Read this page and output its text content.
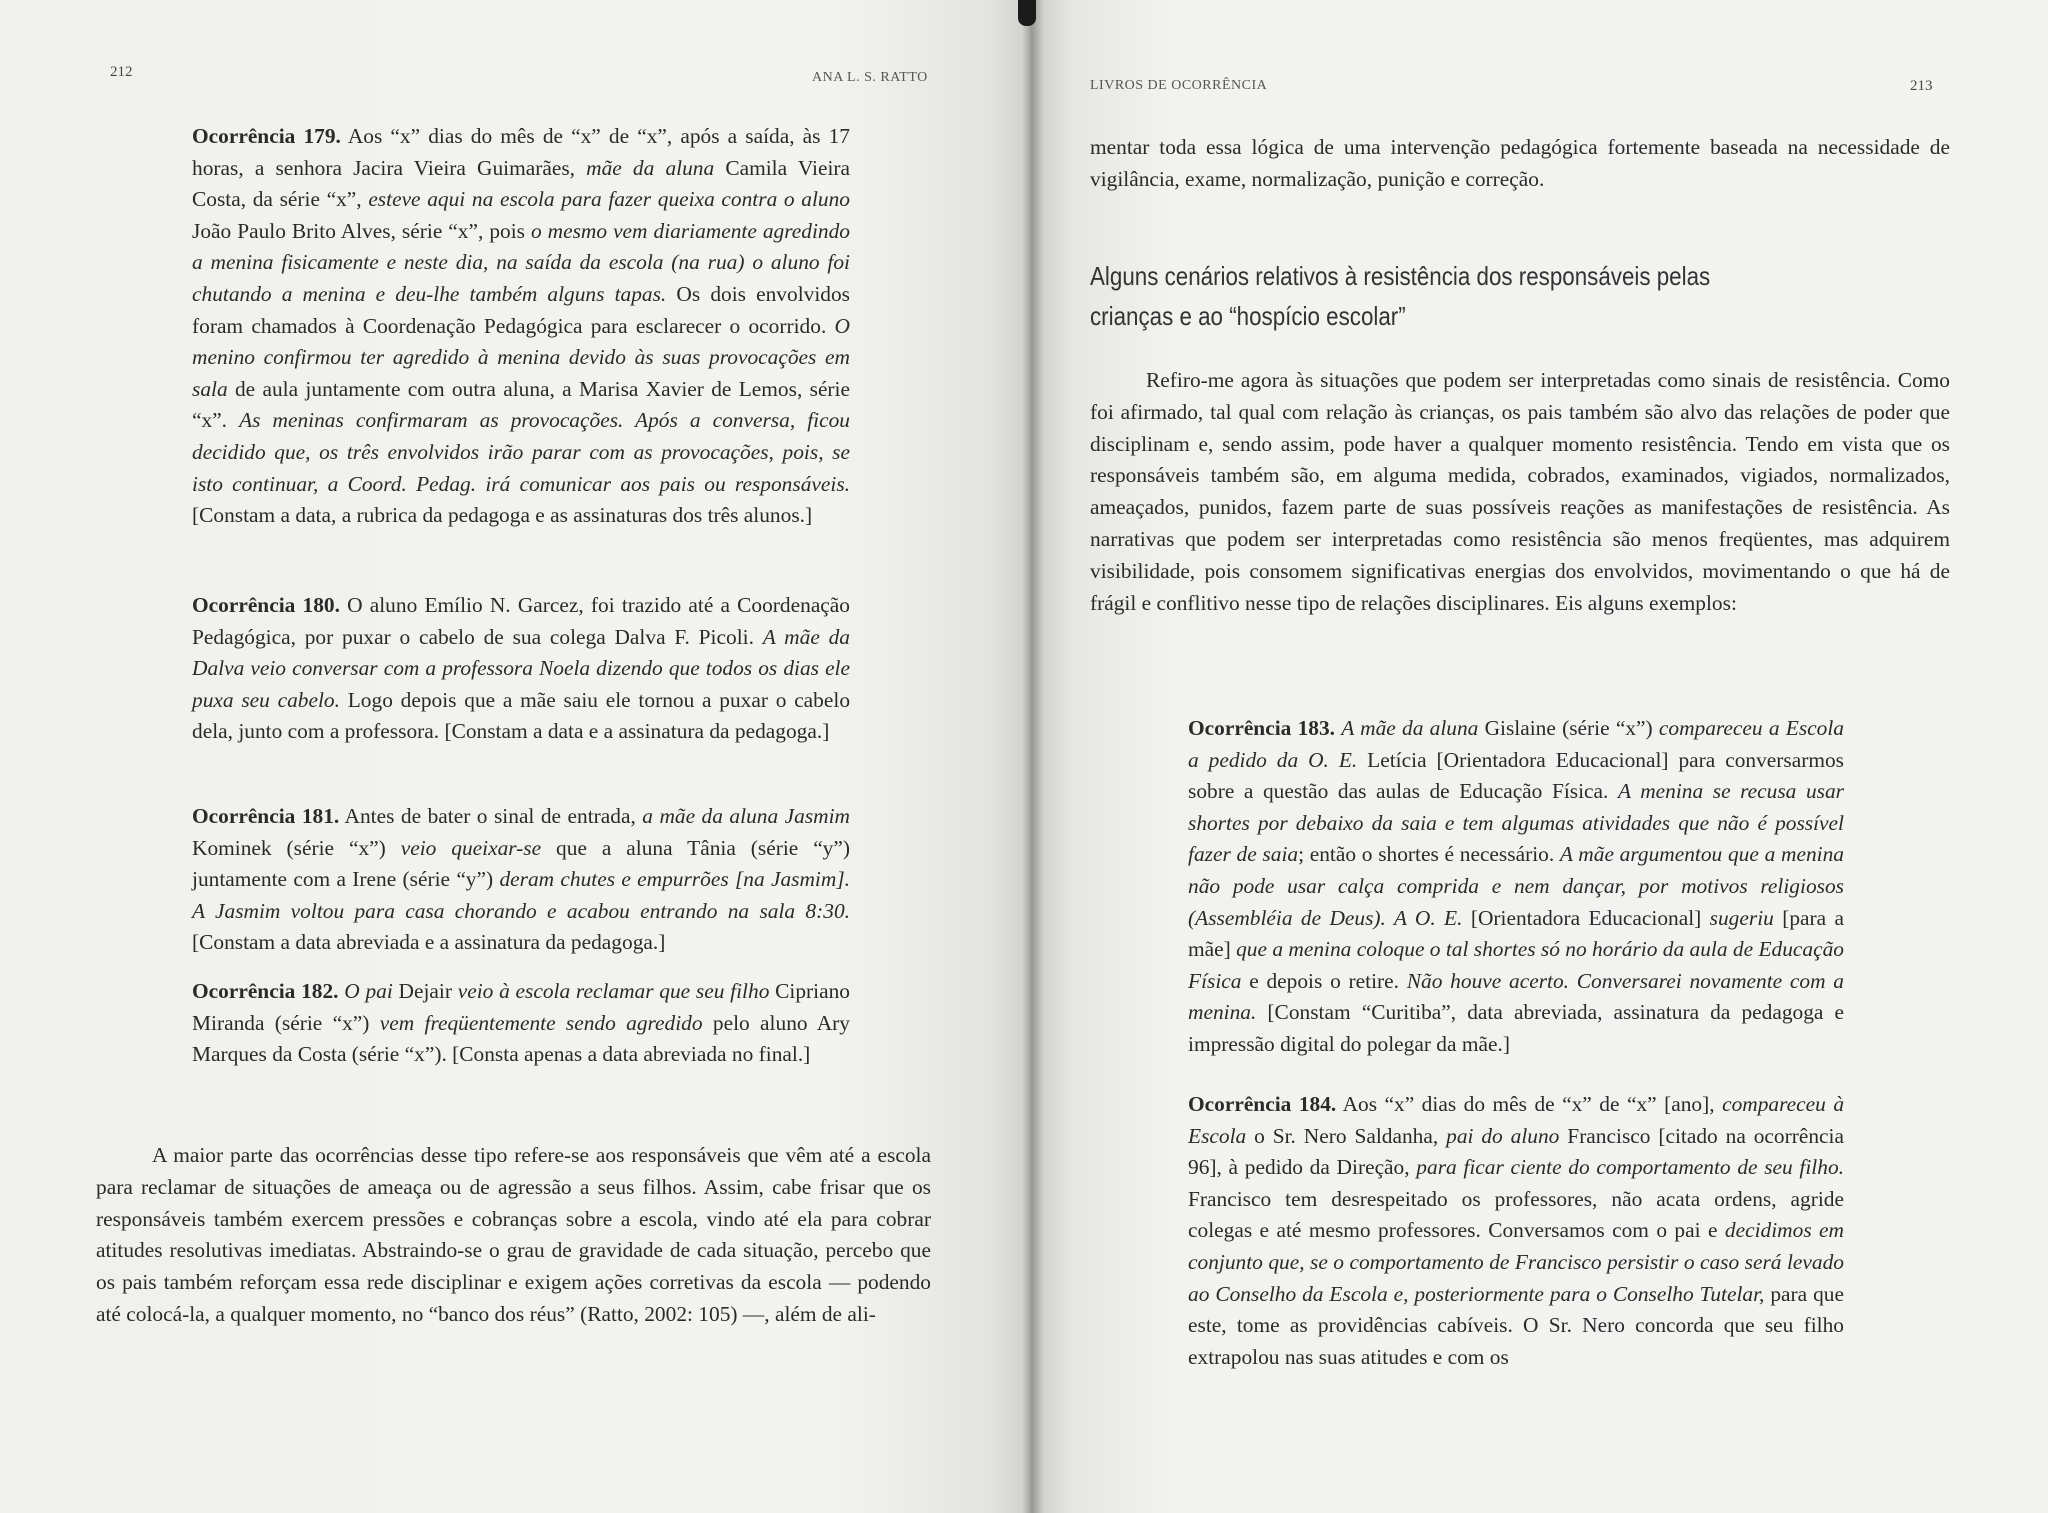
212	ANA L. S. RATTO
Ocorrência 179. Aos “x” dias do mês de “x” de “x”, após a saída, às 17 horas, a senhora Jacira Vieira Guimarães, mãe da aluna Camila Vieira Costa, da série “x”, esteve aqui na escola para fazer queixa contra o aluno João Paulo Brito Alves, série “x”, pois o mesmo vem diariamente agredindo a menina fisicamente e neste dia, na saída da escola (na rua) o aluno foi chutando a menina e deu-lhe também alguns tapas. Os dois envolvidos foram chamados à Coordenação Pedagógica para esclarecer o ocorrido. O menino confirmou ter agredido à menina devido às suas provocações em sala de aula juntamente com outra aluna, a Marisa Xavier de Lemos, série “x”. As meninas confirmaram as provocações. Após a conversa, ficou decidido que, os três envolvidos irão parar com as provocações, pois, se isto continuar, a Coord. Pedag. irá comunicar aos pais ou responsáveis. [Constam a data, a rubrica da pedagoga e as assinaturas dos três alunos.]
Ocorrência 180. O aluno Emílio N. Garcez, foi trazido até a Coordenação Pedagógica, por puxar o cabelo de sua colega Dalva F. Picoli. A mãe da Dalva veio conversar com a professora Noela dizendo que todos os dias ele puxa seu cabelo. Logo depois que a mãe saiu ele tornou a puxar o cabelo dela, junto com a professora. [Constam a data e a assinatura da pedagoga.]
Ocorrência 181. Antes de bater o sinal de entrada, a mãe da aluna Jasmim Kominek (série “x”) veio queixar-se que a aluna Tânia (série “y”) juntamente com a Irene (série “y”) deram chutes e empurrões [na Jasmim]. A Jasmim voltou para casa chorando e acabou entrando na sala 8:30. [Constam a data abreviada e a assinatura da pedagoga.]
Ocorrência 182. O pai Dejair veio à escola reclamar que seu filho Cipriano Miranda (série “x”) vem freqüentemente sendo agredido pelo aluno Ary Marques da Costa (série “x”). [Consta apenas a data abreviada no final.]
A maior parte das ocorrências desse tipo refere-se aos responsáveis que vêm até a escola para reclamar de situações de ameaça ou de agressão a seus filhos. Assim, cabe frisar que os responsáveis também exercem pressões e cobranças sobre a escola, vindo até ela para cobrar atitudes resolutivas imediatas. Abstraindo-se o grau de gravidade de cada situação, percebo que os pais também reforçam essa rede disciplinar e exigem ações corretivas da escola — podendo até colocá-la, a qualquer momento, no “banco dos réus” (Ratto, 2002: 105) —, além de ali-
LIVROS DE OCORRÊNCIA	213
mentar toda essa lógica de uma intervenção pedagógica fortemente baseada na necessidade de vigilância, exame, normalização, punição e correção.
Alguns cenários relativos à resistência dos responsáveis pelas crianças e ao “hospício escolar”
Refiro-me agora às situações que podem ser interpretadas como sinais de resistência. Como foi afirmado, tal qual com relação às crianças, os pais também são alvo das relações de poder que disciplinam e, sendo assim, pode haver a qualquer momento resistência. Tendo em vista que os responsáveis também são, em alguma medida, cobrados, examinados, vigiados, normalizados, ameaçados, punidos, fazem parte de suas possíveis reações as manifestações de resistência. As narrativas que podem ser interpretadas como resistência são menos freqüentes, mas adquirem visibilidade, pois consomem significativas energias dos envolvidos, movimentando o que há de frágil e conflitivo nesse tipo de relações disciplinares. Eis alguns exemplos:
Ocorrência 183. A mãe da aluna Gislaine (série “x”) compareceu a Escola a pedido da O. E. Letícia [Orientadora Educacional] para conversarmos sobre a questão das aulas de Educação Física. A menina se recusa usar shortes por debaixo da saia e tem algumas atividades que não é possível fazer de saia; então o shortes é necessário. A mãe argumentou que a menina não pode usar calça comprida e nem dançar, por motivos religiosos (Assembléia de Deus). A O. E. [Orientadora Educacional] sugeriu [para a mãe] que a menina coloque o tal shortes só no horário da aula de Educação Física e depois o retire. Não houve acerto. Conversarei novamente com a menina. [Constam “Curitiba”, data abreviada, assinatura da pedagoga e impressão digital do polegar da mãe.]
Ocorrência 184. Aos “x” dias do mês de “x” de “x” [ano], compareceu à Escola o Sr. Nero Saldanha, pai do aluno Francisco [citado na ocorrência 96], à pedido da Direção, para ficar ciente do comportamento de seu filho. Francisco tem desrespeitado os professores, não acata ordens, agride colegas e até mesmo professores. Conversamos com o pai e decidimos em conjunto que, se o comportamento de Francisco persistir o caso será levado ao Conselho da Escola e, posteriormente para o Conselho Tutelar, para que este, tome as providências cabíveis. O Sr. Nero concorda que seu filho extrapolou nas suas atitudes e com os
